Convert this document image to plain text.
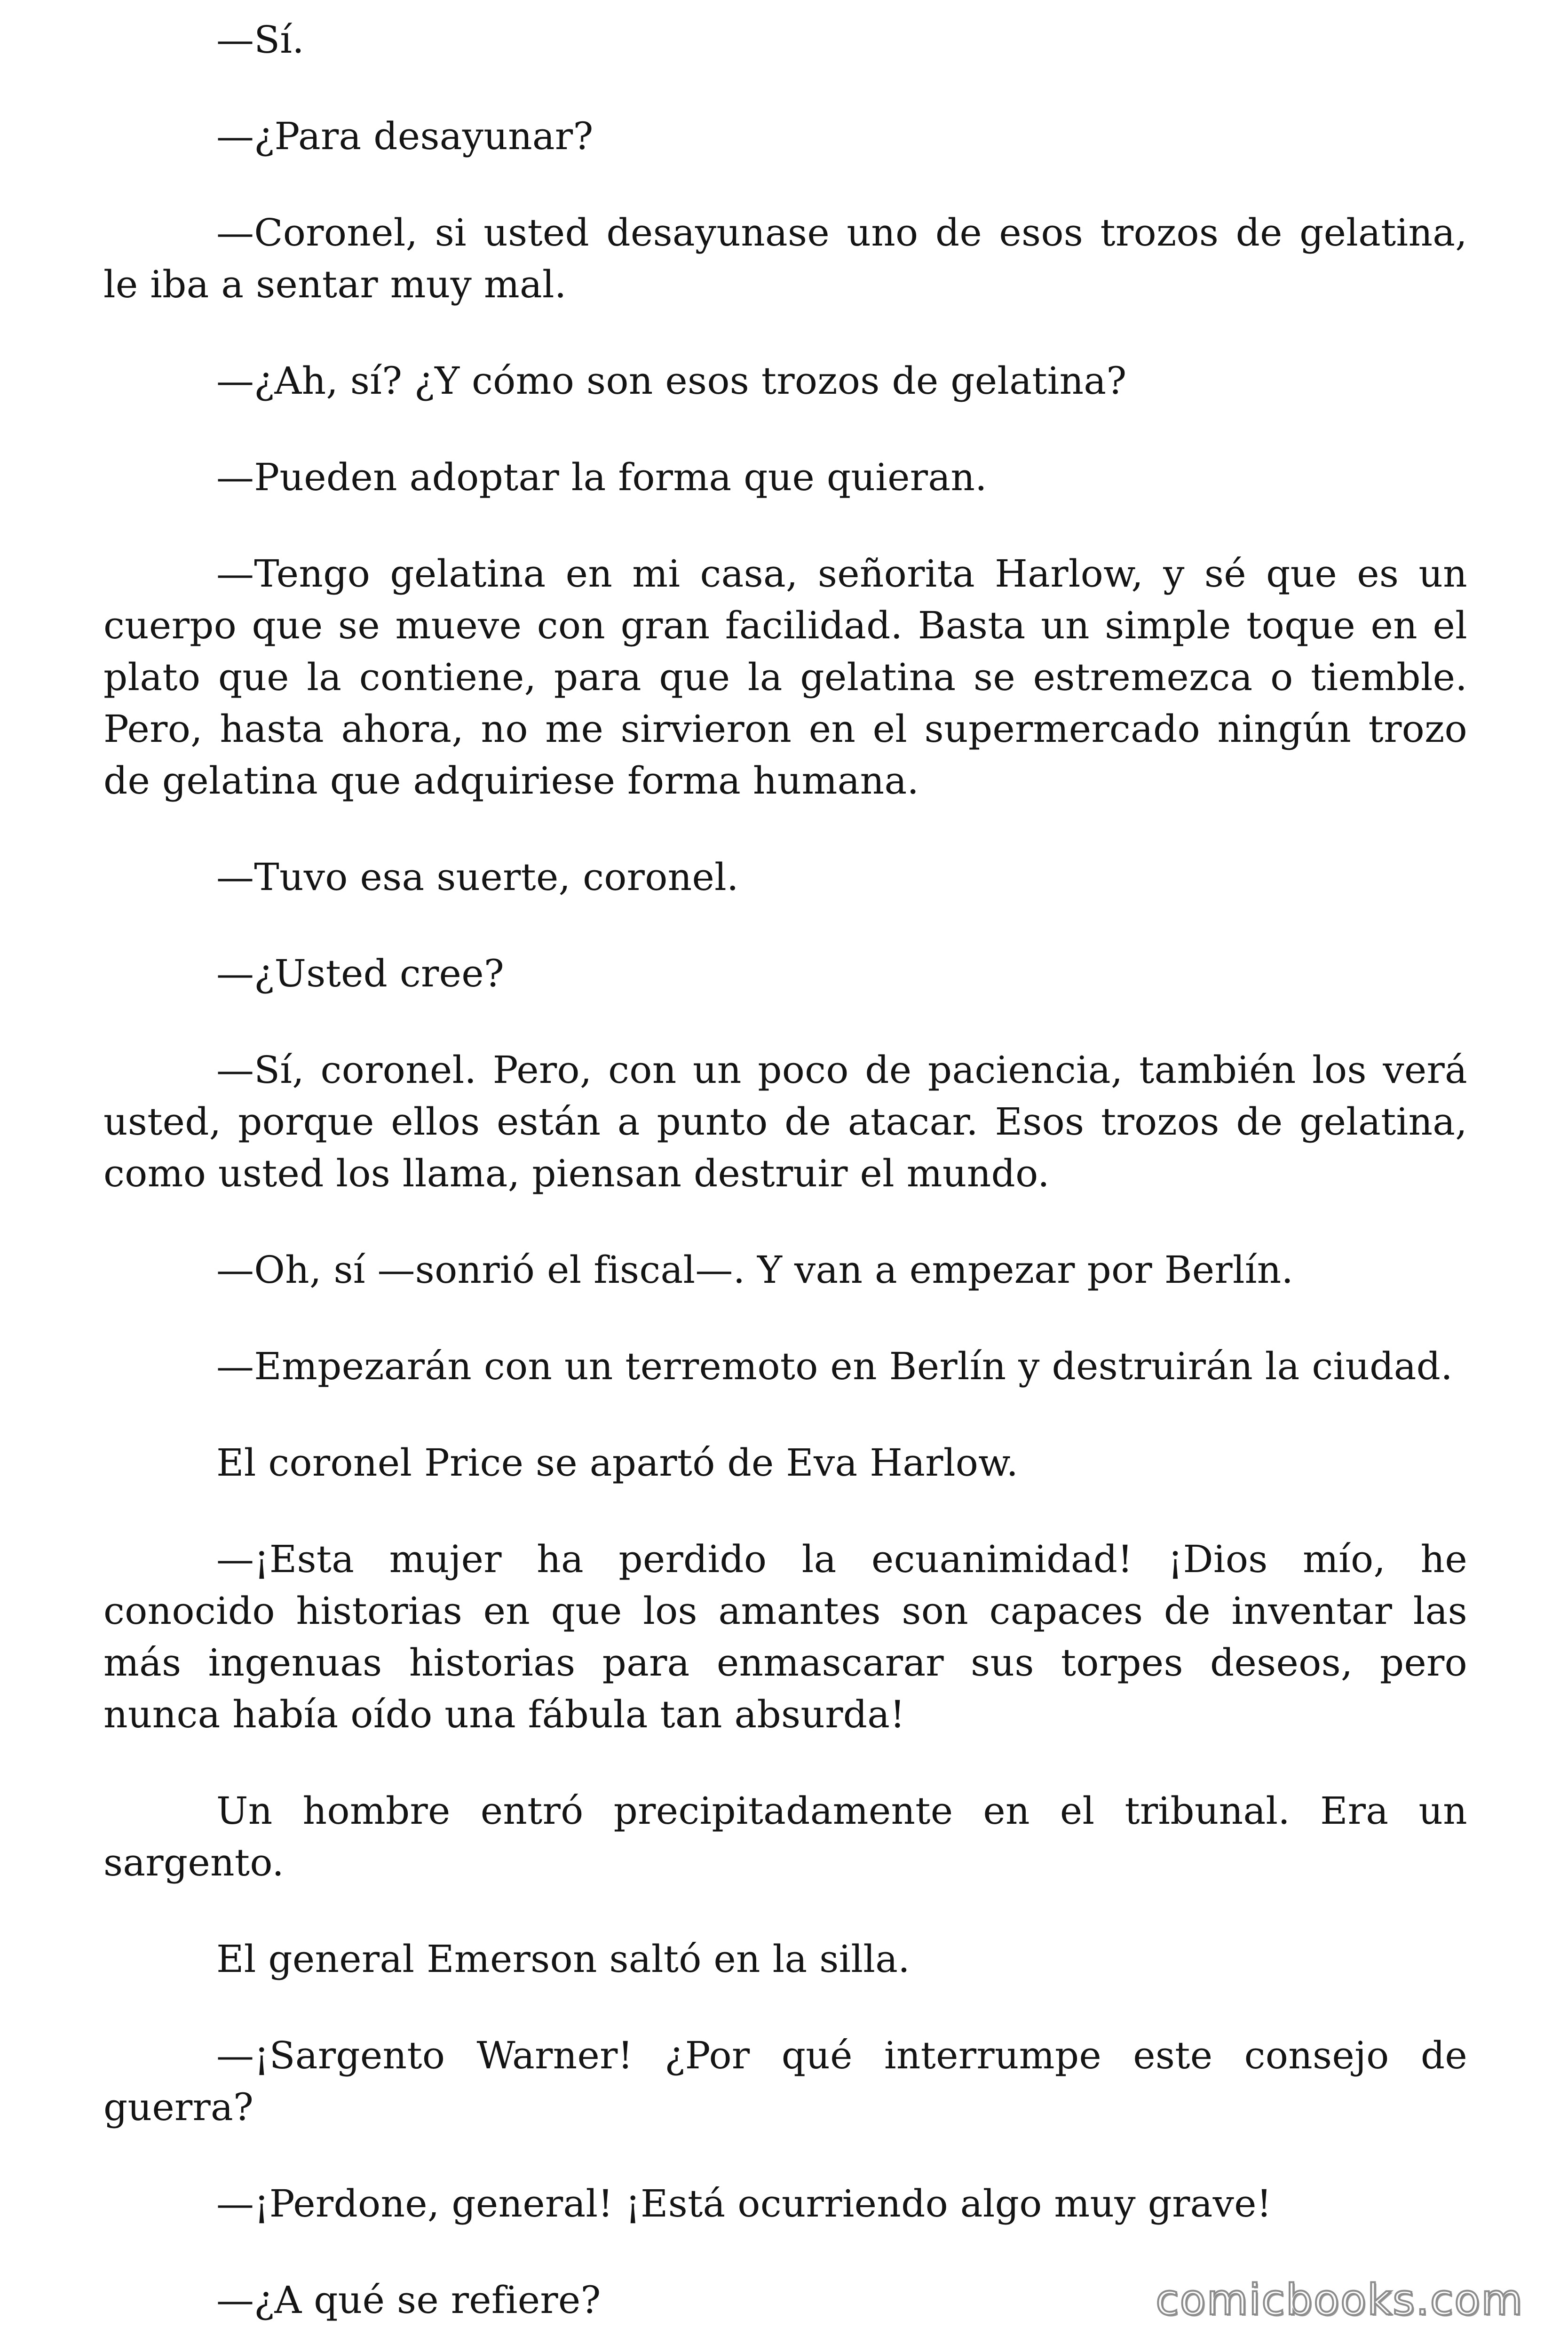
—Sí.

—¿Para desayunar?

—Coronel, si usted desayunase uno de esos trozos de gelatina, le iba a sentar muy mal.

—¿Ah, sí? ¿Y cómo son esos trozos de gelatina?

—Pueden adoptar la forma que quieran.

—Tengo gelatina en mi casa, señorita Harlow, y sé que es un cuerpo que se mueve con gran facilidad. Basta un simple toque en el plato que la contiene, para que la gelatina se estremezca o tiemble. Pero, hasta ahora, no me sirvieron en el supermercado ningún trozo de gelatina que adquiriese forma humana.

—Tuvo esa suerte, coronel.

—¿Usted cree?

—Sí, coronel. Pero, con un poco de paciencia, también los verá usted, porque ellos están a punto de atacar. Esos trozos de gelatina, como usted los llama, piensan destruir el mundo.

—Oh, sí —sonrió el fiscal—. Y van a empezar por Berlín.

—Empezarán con un terremoto en Berlín y destruirán la ciudad.

El coronel Price se apartó de Eva Harlow.

—¡Esta mujer ha perdido la ecuanimidad! ¡Dios mío, he conocido historias en que los amantes son capaces de inventar las más ingenuas historias para enmascarar sus torpes deseos, pero nunca había oído una fábula tan absurda!

Un hombre entró precipitadamente en el tribunal. Era un sargento.

El general Emerson saltó en la silla.

—¡Sargento Warner! ¿Por qué interrumpe este consejo de guerra?

—¡Perdone, general! ¡Está ocurriendo algo muy grave!

—¿A qué se refiere?	comicbooks.com
